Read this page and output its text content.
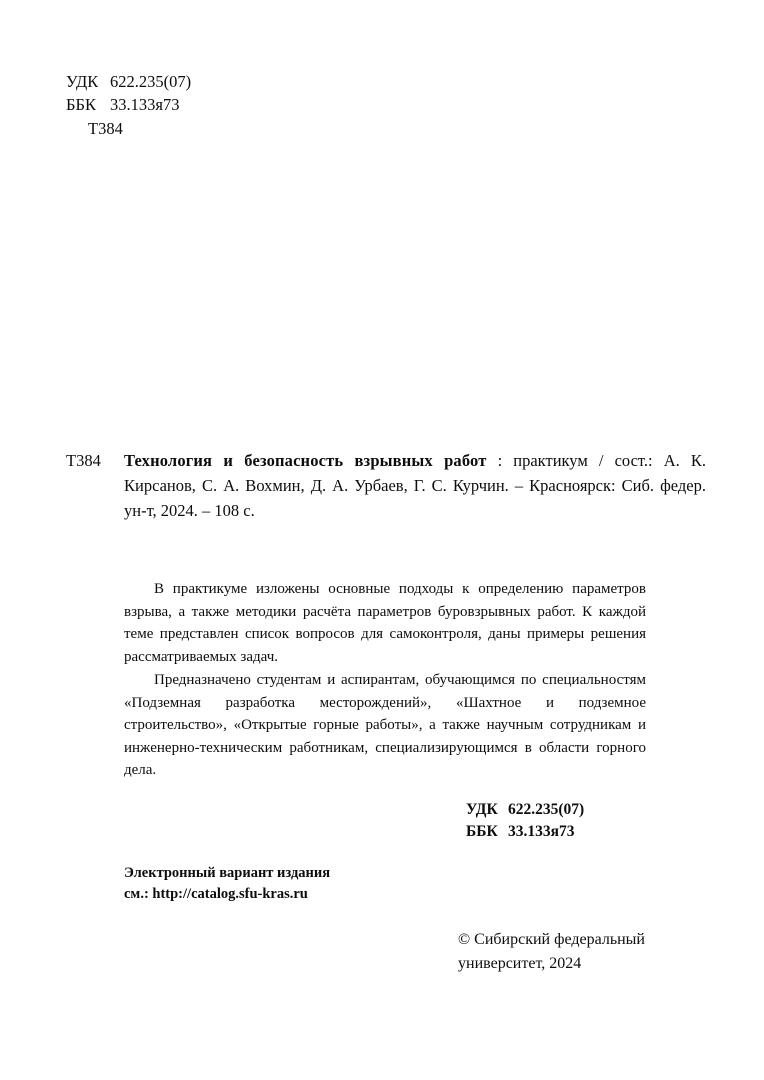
УДК 622.235(07)
ББК 33.133я73
Т384
Т384 Технология и безопасность взрывных работ : практикум / сост.: А. К. Кирсанов, С. А. Вохмин, Д. А. Урбаев, Г. С. Курчин. – Красноярск: Сиб. федер. ун-т, 2024. – 108 с.

В практикуме изложены основные подходы к определению параметров взрыва, а также методики расчёта параметров буровзрывных работ. К каждой теме представлен список вопросов для самоконтроля, даны примеры решения рассматриваемых задач.

Предназначено студентам и аспирантам, обучающимся по специальностям «Подземная разработка месторождений», «Шахтное и подземное строительство», «Открытые горные работы», а также научным сотрудникам и инженерно-техническим работникам, специализирующимся в области горного дела.

УДК 622.235(07)
ББК 33.133я73
Электронный вариант издания
см.: http://catalog.sfu-kras.ru
© Сибирский федеральный
университет, 2024
